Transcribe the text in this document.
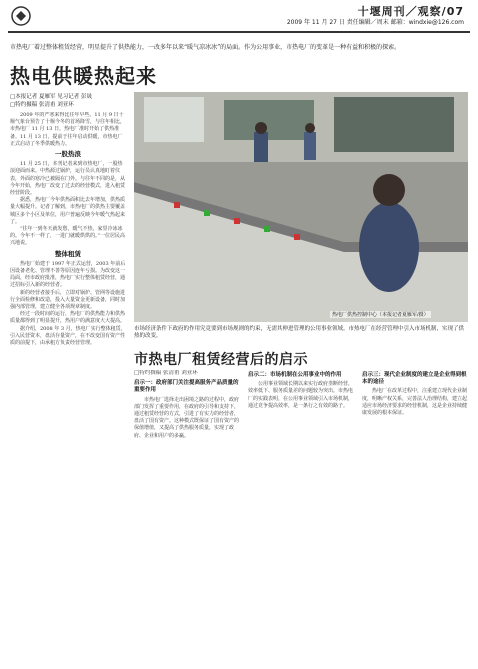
十堰周刊／观察/07
2009 年 11 月 27 日 责任编辑／周末 邮箱：windxie@126.com
市热电厂着过整体租赁经营，明星提升了供热能力，一改多年以来“暖气凉冰冰”的局面。作为公用事业，市热电厂的变革是一种有益和积极的探索。
热电供暖热起来
□本报记者 夏雁军 见习记者 彭晟
□特约摄稿 张清甫 刘亚环

2009 年的严寒来得比往年早些。11 月 9 日十堰气象台预告了十堰今冬的首场降雪，与往年相比，市热电厂 11 月 13 日，热电厂准时开始了供热准备。11 月 13 日，提前于往年启动供暖，市热电厂正式启动了冬季供暖热力。

一股热浪

11 月 25 日，本刊记者来到市热电厂，一股热浪迎面而来。中热源过锅炉，运行员认真地盯着仪表，外面的寒冷已被隔在门外。与往年不同的是，从今年开始，热电厂改变了过去的经营模式，进入租赁经营阶段。

据悉，热电厂今年供热面积比去年增加，供热质量大幅提升。记者了解到，市热电厂的供热主要覆盖城区多个小区及单位，用户普遍反映今年暖气热起来了。

“往年一到冬天就发愁，暖气不热，家里冷冰冰的。今年不一样了，一进门就暖烘烘的。”一位居民高兴地说。

整体租赁

热电厂始建于 1997 年正式运营，2003 年前后因设备老化、管理不善等原因连年亏损。为改变这一局面，经市政府批准，热电厂实行整体租赁经营，通过招标引入新的经营者。

新的经营者接手后，立即对锅炉、管网等设施进行全面检修和改造，投入大量资金更新设备，同时加强内部管理，建立健全各项规章制度。

经过一段时间的运行，热电厂的供热能力和供热质量都得到了明显提升，热用户的满意度大大提高。

据介绍，2008 年 3 月，热电厂实行整体租赁，引入民营资本，盘活存量资产，在不改变国有资产性质的前提下，由承租方负责经营管理。

热电厂供热控制中心（本报记者夏雁军/摄）
市场经济条件下政府的作用究竟要到市场规则的约束，无需其伸进管理的公用事业领域。市热电厂在经营管理中引入市场机制，实现了供热的改变。
市热电厂租赁经营后的启示
□特约撰稿 张清甫 刘亚环
启示一：政府部门关注提高服务产品质量的重要作用

市热电厂选择走出困境之路的过程中，政府部门发挥了重要作用，在政府的引导和支持下，通过租赁经营的方式，引进了有实力的经营者，盘活了国有资产。这种模式既保证了国有资产的保值增值，又提高了供热服务质量，实现了政府、企业和用户的多赢。

启示二：市场机制在公用事业中的作用

公用事业领域长期以来实行政府垄断经营，效率低下、服务质量差的问题较为突出。市热电厂的实践表明，在公用事业领域引入市场机制，通过竞争提高效率，是一条行之有效的路子。

启示三：现代企业制度的建立是企业得到根本的途径

热电厂在改革过程中，注重建立现代企业制度，明晰产权关系，完善法人治理结构，建立起适应市场经济要求的经营机制，这是企业持续健康发展的根本保证。
